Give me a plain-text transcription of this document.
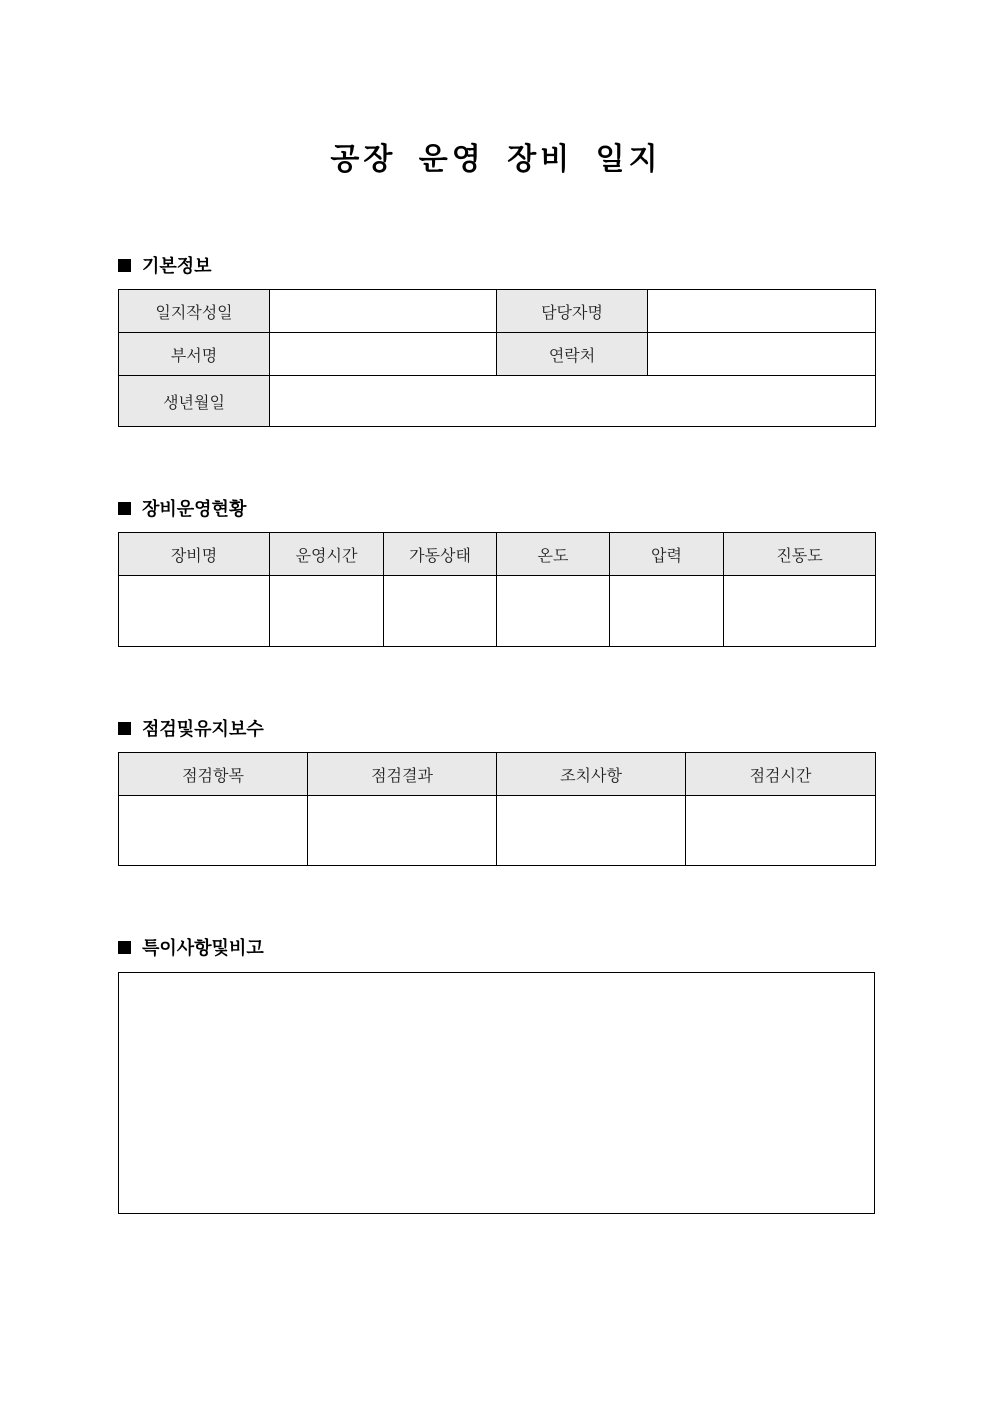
공장 운영 장비 일지
기본정보
일지작성일		담당자명	
부서명		연락처	
생년월일			
장비운영현황
장비명	운영시간	가동상태	온도	압력	진동도

점검및유지보수
점검항목	점검결과	조치사항	점검시간

특이사항및비고
